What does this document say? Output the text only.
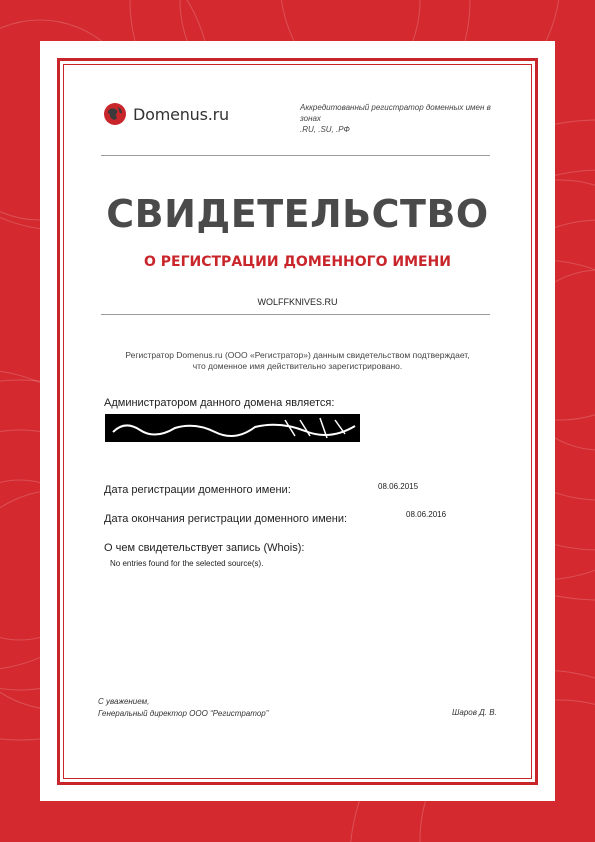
Domenus.ru	Аккредитованный регистратор доменных имен в зонах
.RU, .SU, .РФ
СВИДЕТЕЛЬСТВО
О РЕГИСТРАЦИИ ДОМЕННОГО ИМЕНИ
WOLFFKNIVES.RU
Регистратор Domenus.ru (ООО «Регистратор») данным свидетельством подтверждает,
что доменное имя действительно зарегистрировано.
Администратором данного домена является:
Дата регистрации доменного имени:	08.06.2015
Дата окончания регистрации доменного имени:	08.06.2016
О чем свидетельствует запись (Whois):
No entries found for the selected source(s).
С уважением,
Генеральный директор ООО “Регистратор”	Шаров Д. В.
